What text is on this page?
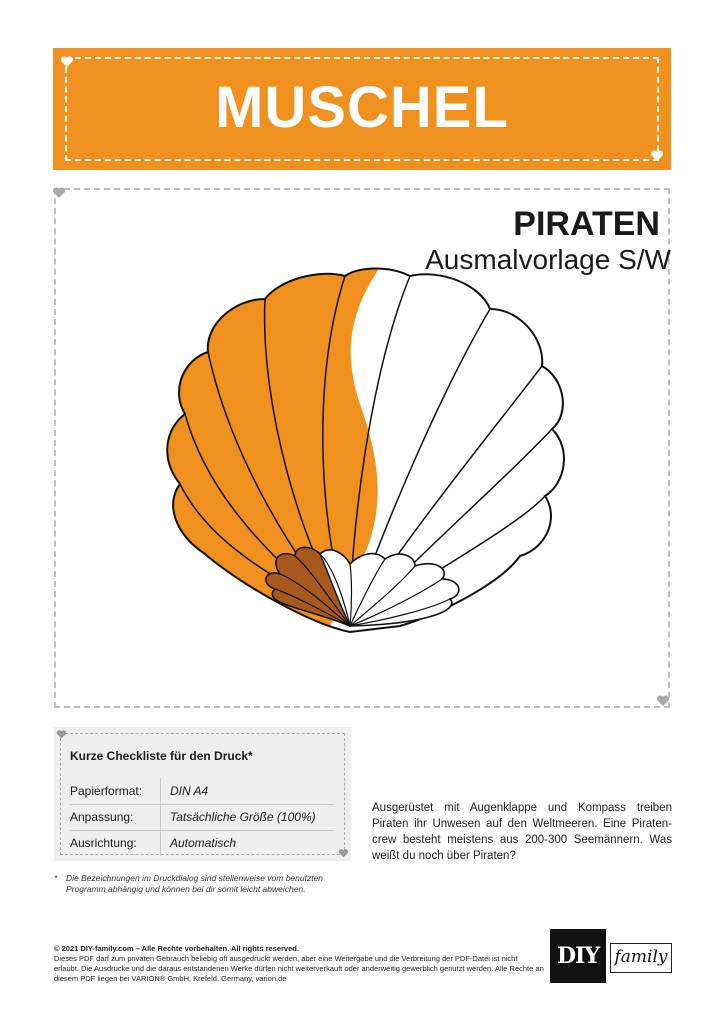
MUSCHEL
PIRATEN
Ausmalvorlage S/W
Kurze Checkliste für den Druck*
Papierformat: DIN A4
Anpassung:	Tatsächliche Größe (100%)
Ausrichtung:	Automatisch
* Die Bezeichnungen im Druckdialog sind stellenweise vom benutzten Programm abhängig und können bei dir somit leicht abweichen.
Ausgerüstet mit Augenklappe und Kompass treiben Piraten ihr Unwesen auf den Weltmeeren. Eine Piraten-crew besteht meistens aus 200-300 Seemännern. Was weißt du noch über Piraten?
© 2021 DIY-family.com – Alle Rechte vorbehalten. All rights reserved.
Dieses PDF darf zum privaten Gebrauch beliebig oft ausgedruckt werden, aber eine Weitergabe und die Verbreitung der PDF-Datei ist nicht erlaubt. Die Ausdrucke und die daraus entstandenen Werke dürfen nicht weiterverkauft oder anderweitig gewerblich genutzt werden. Alle Rechte an diesem PDF liegen bei VARION® GmbH, Krefeld, Germany, varion.de
DIY family
